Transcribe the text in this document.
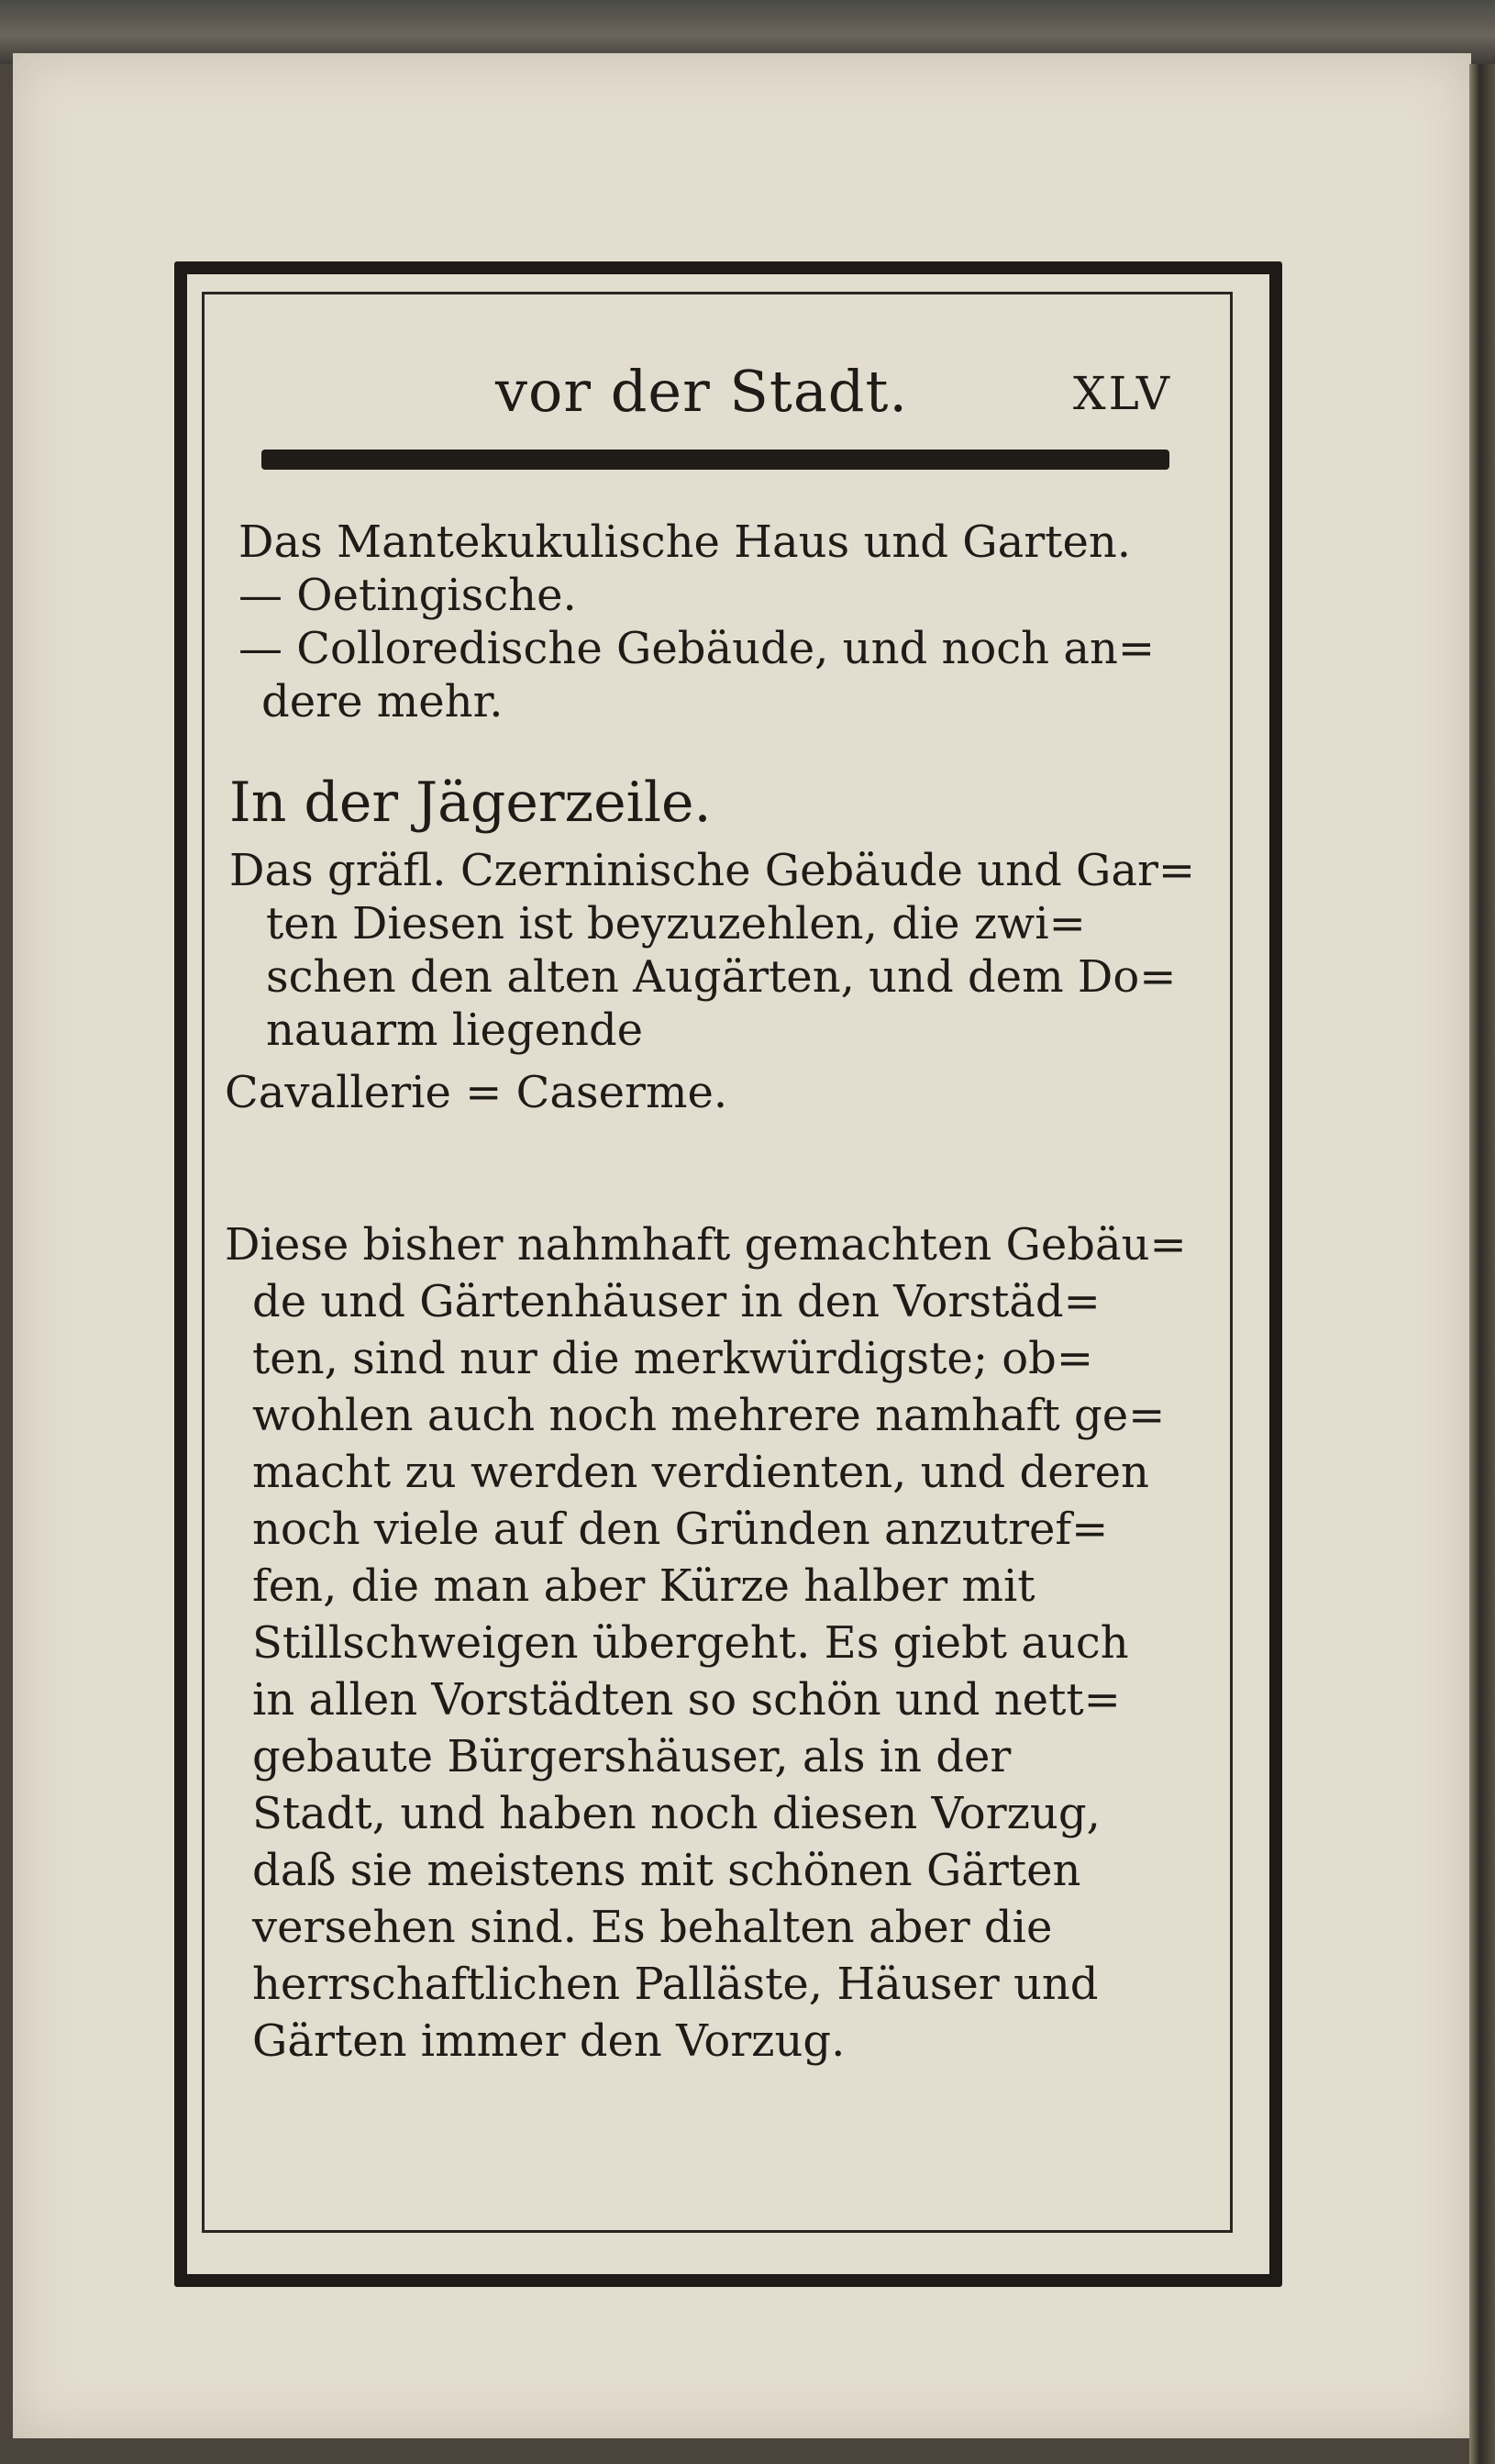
vor der Stadt.	XLV
Das Mantekukulische Haus und Garten.
— Oetingische.
— Colloredische Gebäude, und noch an=
dere mehr.
In der Jägerzeile.
Das gräfl. Czerninische Gebäude und Gar=
ten Diesen ist beyzuzehlen, die zwi=
schen den alten Augärten, und dem Do=
nauarm liegende
Cavallerie = Caserme.
Diese bisher nahmhaft gemachten Gebäu=
de und Gärtenhäuser in den Vorstäd=
ten, sind nur die merkwürdigste; ob=
wohlen auch noch mehrere namhaft ge=
macht zu werden verdienten, und deren
noch viele auf den Gründen anzutref=
fen, die man aber Kürze halber mit
Stillschweigen übergeht. Es giebt auch
in allen Vorstädten so schön und nett=
gebaute Bürgershäuser, als in der
Stadt, und haben noch diesen Vorzug,
daß sie meistens mit schönen Gärten
versehen sind. Es behalten aber die
herrschaftlichen Palläste, Häuser und
Gärten immer den Vorzug.
